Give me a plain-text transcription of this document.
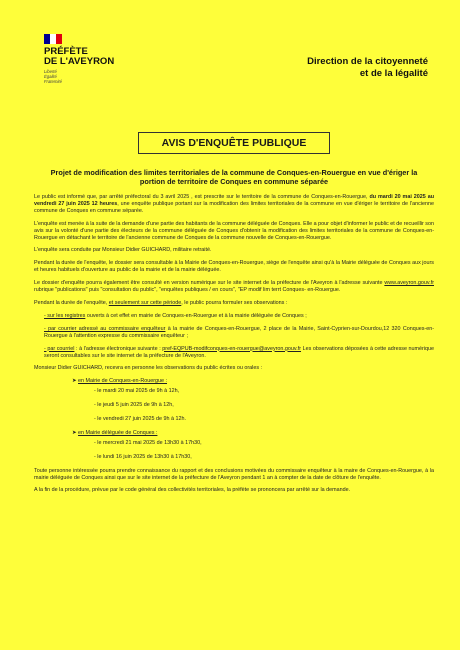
PRÉFÈTE
DE L'AVEYRON
Liberté
Égalité
Fraternité
Direction de la citoyenneté
et de la légalité
AVIS D'ENQUÊTE PUBLIQUE
Projet de modification des limites territoriales de la commune de Conques-en-Rouergue en vue d'ériger la portion de territoire de Conques en commune séparée

Le public est informé que, par arrêté préfectoral du 3 avril 2025 , est prescrite sur le territoire de la commune de Conques-en-Rouergue, du mardi 20 mai 2025 au vendredi 27 juin 2025 12 heures, une enquête publique portant sur la modification des limites territoriales de la commune en vue d'ériger le territoire de l'ancienne commune de Conques en commune séparée.

L'enquête est menée à la suite de la demande d'une partie des habitants de la commune déléguée de Conques. Elle a pour objet d'informer le public et de recueillir son avis sur la volonté d'une partie des électeurs de la commune déléguée de Conques d'obtenir la modification des limites territoriales de la commune de Conques-en-Rouergue en détachant le territoire de l'ancienne commune de Conques de la commune nouvelle de Conques-en-Rouergue.

L'enquête sera conduite par Monsieur Didier GUICHARD, militaire retraité.

Pendant la durée de l'enquête, le dossier sera consultable à la Mairie de Conques-en-Rouergue, siège de l'enquête ainsi qu'à la Mairie déléguée de Conques aux jours et heures habituels d'ouverture au public de la mairie et de la mairie déléguée.

Le dossier d'enquête pourra également être consulté en version numérique sur le site internet de la préfecture de l'Aveyron à l'adresse suivante www.aveyron.gouv.fr rubrique "publications" puis "consultation du public", "enquêtes publiques / en cours", "EP modif lim terrt Conques- en-Rouergue.

Pendant la durée de l'enquête, et seulement sur cette période, le public pourra formuler ses observations :

- sur les registres ouverts à cet effet en mairie de Conques-en-Rouergue et à la mairie déléguée de Conques ;

- par courrier adressé au commissaire enquêteur à la mairie de Conques-en-Rouergue, 2 place de la Mairie, Saint-Cyprien-sur-Dourdou,12 320 Conques-en-Rouergue à l'attention expresse du commissaire enquêteur ;

- par courriel : à l'adresse électronique suivante : pref-EQPUB-modifconques-en-rouergue@aveyron.gouv.fr Les observations déposées à cette adresse numérique seront consultables sur le site internet de la préfecture de l'Aveyron.

Monsieur Didier GUICHARD, recevra en personne les observations du public écrites ou orales :

➤ en Mairie de Conques-en-Rouergue :
- le mardi 20 mai 2025 de 9h à 12h,
- le jeudi 5 juin 2025 de 9h à 12h,
- le vendredi 27 juin 2025 de 9h à 12h.
➤ en Mairie déléguée de Conques :
- le mercredi 21 mai 2025 de 13h30 à 17h30,
- le lundi 16 juin 2025 de 13h30 à 17h30,

Toute personne intéressée pourra prendre connaissance du rapport et des conclusions motivées du commissaire enquêteur à la maire de Conques-en-Rouergue, à la mairie déléguée de Conques ainsi que sur le site internet de la préfecture de l'Aveyron pendant 1 an à compter de la date de clôture de l'enquête.

A la fin de la procédure, prévue par le code général des collectivités territoriales, la préfète se prononcera par arrêté sur la demande.
